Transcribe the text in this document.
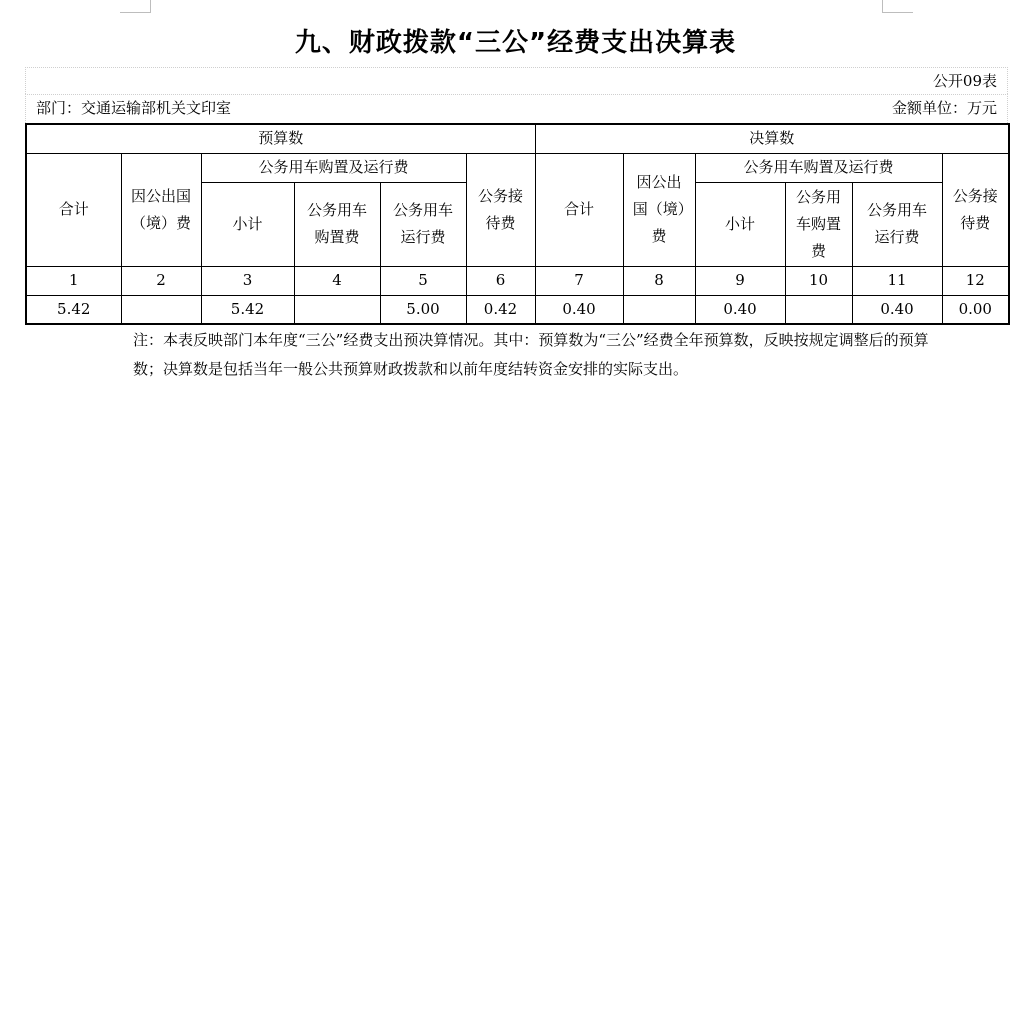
九、财政拨款“三公”经费支出决算表
公开09表
部门：交通运输部机关文印室	金额单位：万元
预算数						决算数					
合计	因公出国（境）费	公务用车购置及运行费			公务接待费	合计	因公出国（境）费	公务用车购置及运行费			公务接待费
		小计	公务用车购置费	公务用车运行费				小计	公务用车购置费	公务用车运行费	
1	2	3	4	5	6	7	8	9	10	11	12
5.42		5.42		5.00	0.42	0.40		0.40		0.40	0.00
注：本表反映部门本年度“三公”经费支出预决算情况。其中：预算数为“三公”经费全年预算数，反映按规定调整后的预算数；决算数是包括当年一般公共预算财政拨款和以前年度结转资金安排的实际支出。
